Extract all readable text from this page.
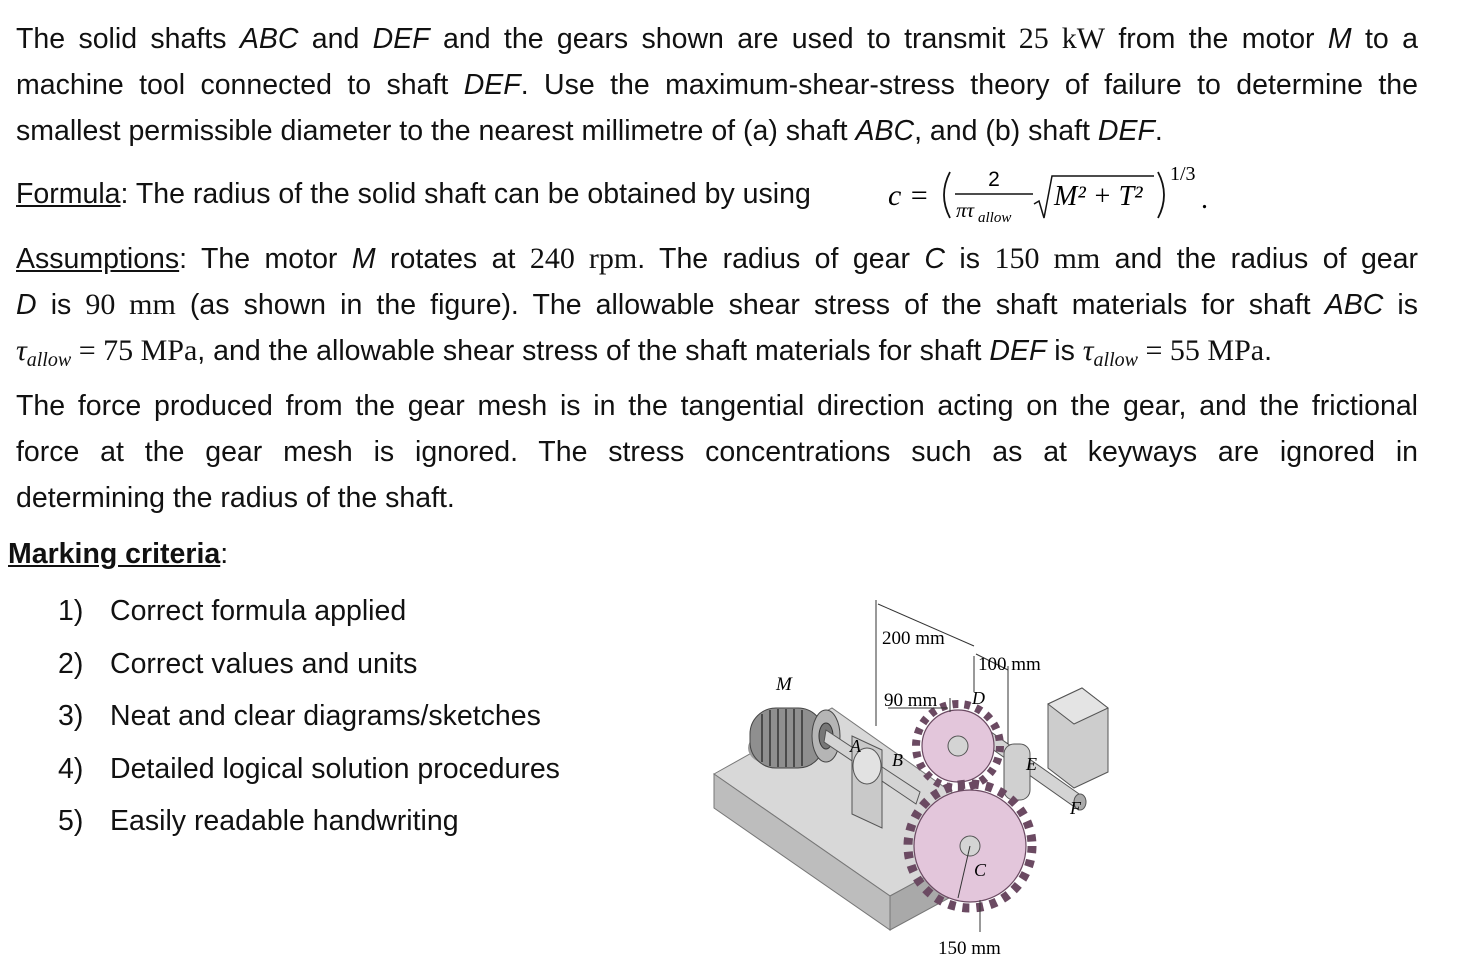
The solid shafts ABC and DEF and the gears shown are used to transmit 25 kW from the motor M to a
machine tool connected to shaft DEF. Use the maximum-shear-stress theory of failure to determine the
smallest permissible diameter to the nearest millimetre of (a) shaft ABC, and (b) shaft DEF.
Formula: The radius of the solid shaft can be obtained by using	c =	2
πτ allow
M² + T²
1/3
.
Assumptions: The motor M rotates at 240 rpm. The radius of gear C is 150 mm and the radius of gear
D is 90 mm (as shown in the figure). The allowable shear stress of the shaft materials for shaft ABC is
$\tau_{allow} = 75$ MPa, and the allowable shear stress of the shaft materials for shaft DEF is $\tau_{allow} = 55$ MPa.
The force produced from the gear mesh is in the tangential direction acting on the gear, and the frictional
force at the gear mesh is ignored. The stress concentrations such as at keyways are ignored in
determining the radius of the shaft.
Marking criteria:
1) Correct formula applied
2) Correct values and units
3) Neat and clear diagrams/sketches
4) Detailed logical solution procedures
5) Easily readable handwriting
200 mm
100 mm
90 mm
150 mm
M
A
B
C
D
E
F
